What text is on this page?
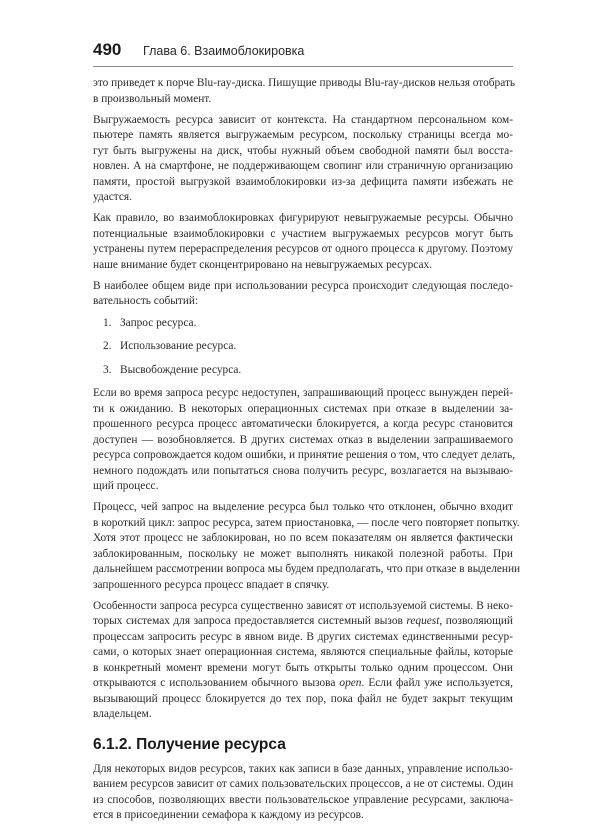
490 Глава 6. Взаимоблокировка

это приведет к порче Blu-ray-диска. Пишущие приводы Blu-ray-дисков нельзя отобрать
в произвольный момент.

Выгружаемость ресурса зависит от контекста. На стандартном персональном ком-
пьютере память является выгружаемым ресурсом, поскольку страницы всегда мо-
гут быть выгружены на диск, чтобы нужный объем свободной памяти был восста-
новлен. А на смартфоне, не поддерживающем свопинг или страничную организацию
памяти, простой выгрузкой взаимоблокировки из-за дефицита памяти избежать не
удастся.

Как правило, во взаимоблокировках фигурируют невыгружаемые ресурсы. Обычно
потенциальные взаимоблокировки с участием выгружаемых ресурсов могут быть
устранены путем перераспределения ресурсов от одного процесса к другому. Поэтому
наше внимание будет сконцентрировано на невыгружаемых ресурсах.

В наиболее общем виде при использовании ресурса происходит следующая последо-
вательность событий:

1. Запрос ресурса.
2. Использование ресурса.
3. Высвобождение ресурса.

Если во время запроса ресурс недоступен, запрашивающий процесс вынужден перей-
ти к ожиданию. В некоторых операционных системах при отказе в выделении за-
прошенного ресурса процесс автоматически блокируется, а когда ресурс становится
доступен — возобновляется. В других системах отказ в выделении запрашиваемого
ресурса сопровождается кодом ошибки, и принятие решения о том, что следует делать,
немного подождать или попытаться снова получить ресурс, возлагается на вызываю-
щий процесс.

Процесс, чей запрос на выделение ресурса был только что отклонен, обычно входит
в короткий цикл: запрос ресурса, затем приостановка, — после чего повторяет попытку.
Хотя этот процесс не заблокирован, но по всем показателям он является фактически
заблокированным, поскольку не может выполнять никакой полезной работы. При
дальнейшем рассмотрении вопроса мы будем предполагать, что при отказе в выделении
запрошенного ресурса процесс впадает в спячку.

Особенности запроса ресурса существенно зависят от используемой системы. В некo-
торых системах для запроса предоставляется системный вызов request, позволяющий
процессам запросить ресурс в явном виде. В других системах единственными ресур-
сами, о которых знает операционная система, являются специальные файлы, которые
в конкретный момент времени могут быть открыты только одним процессом. Они
открываются с использованием обычного вызова open. Если файл уже используется,
вызывающий процесс блокируется до тех пор, пока файл не будет закрыт текущим
владельцем.

6.1.2. Получение ресурса

Для некоторых видов ресурсов, таких как записи в базе данных, управление использо-
ванием ресурсов зависит от самих пользовательских процессов, а не от системы. Один
из способов, позволяющих ввести пользовательское управление ресурсами, заключа-
ется в присоединении семафора к каждому из ресурсов.
